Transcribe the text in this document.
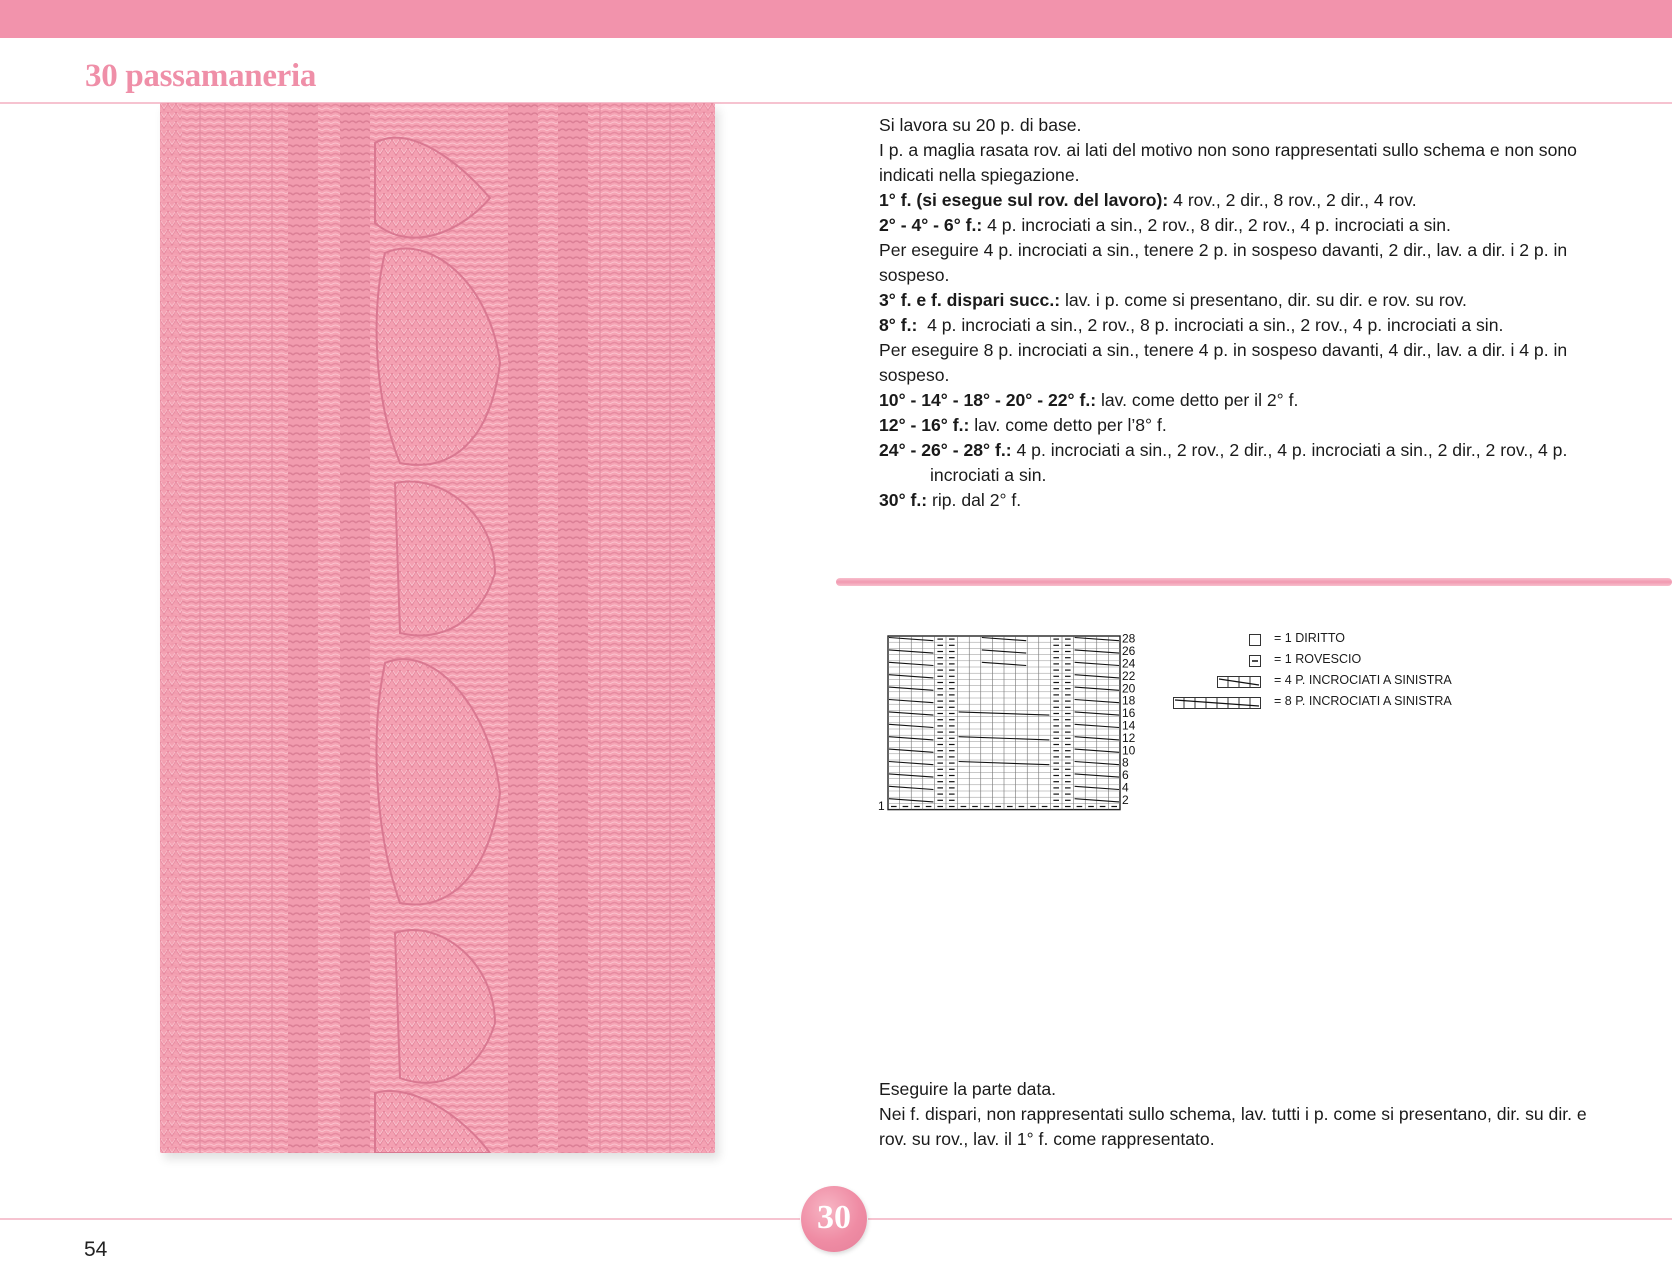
30 passamaneria

Si lavora su 20 p. di base.

I p. a maglia rasata rov. ai lati del motivo non sono rappresentati sullo schema e non sono indicati nella spiegazione.

1° f. (si esegue sul rov. del lavoro): 4 rov., 2 dir., 8 rov., 2 dir., 4 rov.

2° - 4° - 6° f.: 4 p. incrociati a sin., 2 rov., 8 dir., 2 rov., 4 p. incrociati a sin.

Per eseguire 4 p. incrociati a sin., tenere 2 p. in sospeso davanti, 2 dir., lav. a dir. i 2 p. in sospeso.

3° f. e f. dispari succ.: lav. i p. come si presentano, dir. su dir. e rov. su rov.

8° f.:  4 p. incrociati a sin., 2 rov., 8 p. incrociati a sin., 2 rov., 4 p. incrociati a sin.

Per eseguire 8 p. incrociati a sin., tenere 4 p. in sospeso davanti, 4 dir., lav. a dir. i 4 p. in sospeso.

10° - 14° - 18° - 20° - 22° f.: lav. come detto per il 2° f.

12° - 16° f.: lav. come detto per l’8° f.

24° - 26° - 28° f.: 4 p. incrociati a sin., 2 rov., 2 dir., 4 p. incrociati a sin., 2 dir., 2 rov., 4 p. incrociati a sin.

30° f.: rip. dal 2° f.

28
26
24
22
20
18
16
14
12
10
8
6
4
2
1
= 1 DIRITTO
= 1 ROVESCIO
= 4 P. INCROCIATI A SINISTRA
= 8 P. INCROCIATI A SINISTRA

Eseguire la parte data.

Nei f. dispari, non rappresentati sullo schema, lav. tutti i p. come si presentano, dir. su dir. e rov. su rov., lav. il 1° f. come rappresentato.

54
30
